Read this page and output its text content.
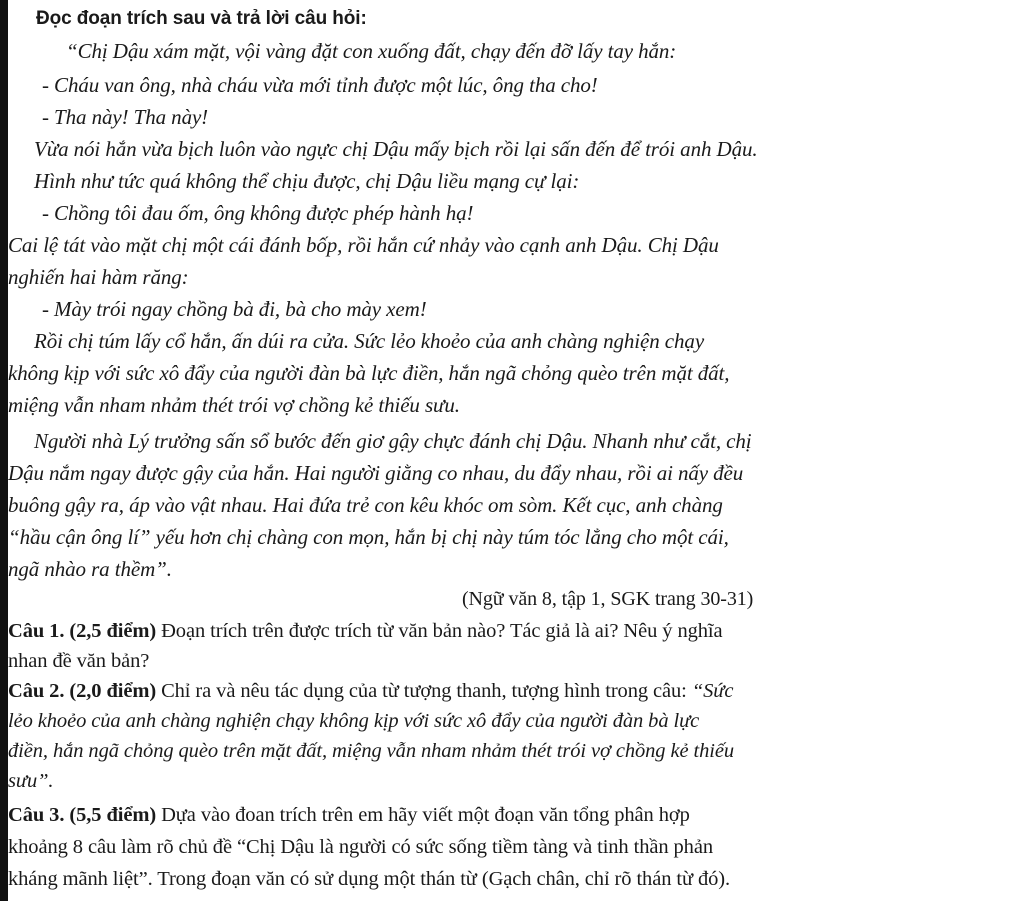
Đọc đoạn trích sau và trả lời câu hỏi:
“Chị Dậu xám mặt, vội vàng đặt con xuống đất, chạy đến đỡ lấy tay hắn:
- Cháu van ông, nhà cháu vừa mới tỉnh được một lúc, ông tha cho!
- Tha này! Tha này!
Vừa nói hắn vừa bịch luôn vào ngực chị Dậu mấy bịch rồi lại sấn đến để trói anh Dậu.
Hình như tức quá không thể chịu được, chị Dậu liều mạng cự lại:
- Chồng tôi đau ốm, ông không được phép hành hạ!
Cai lệ tát vào mặt chị một cái đánh bốp, rồi hắn cứ nhảy vào cạnh anh Dậu. Chị Dậu
nghiến hai hàm răng:
- Mày trói ngay chồng bà đi, bà cho mày xem!
Rồi chị túm lấy cổ hắn, ấn dúi ra cửa. Sức lẻo khoẻo của anh chàng nghiện chạy
không kịp với sức xô đẩy của người đàn bà lực điền, hắn ngã chỏng quèo trên mặt đất,
miệng vẫn nham nhảm thét trói vợ chồng kẻ thiếu sưu.
Người nhà Lý trưởng sấn sổ bước đến giơ gậy chực đánh chị Dậu. Nhanh như cắt, chị
Dậu nắm ngay được gậy của hắn. Hai người giằng co nhau, du đẩy nhau, rồi ai nấy đều
buông gậy ra, áp vào vật nhau. Hai đứa trẻ con kêu khóc om sòm. Kết cục, anh chàng
“hầu cận ông lí” yếu hơn chị chàng con mọn, hắn bị chị này túm tóc lẳng cho một cái,
ngã nhào ra thềm”.
(Ngữ văn 8, tập 1, SGK trang 30-31)
Câu 1. (2,5 điểm) Đoạn trích trên được trích từ văn bản nào? Tác giả là ai? Nêu ý nghĩa
nhan đề văn bản?
Câu 2. (2,0 điểm) Chỉ ra và nêu tác dụng của từ tượng thanh, tượng hình trong câu: “Sức
lẻo khoẻo của anh chàng nghiện chạy không kịp với sức xô đẩy của người đàn bà lực
điền, hắn ngã chỏng quèo trên mặt đất, miệng vẫn nham nhảm thét trói vợ chồng kẻ thiếu
sưu”.
Câu 3. (5,5 điểm) Dựa vào đoan trích trên em hãy viết một đoạn văn tổng phân hợp
khoảng 8 câu làm rõ chủ đề “Chị Dậu là người có sức sống tiềm tàng và tinh thần phản
kháng mãnh liệt”. Trong đoạn văn có sử dụng một thán từ (Gạch chân, chỉ rõ thán từ đó).
